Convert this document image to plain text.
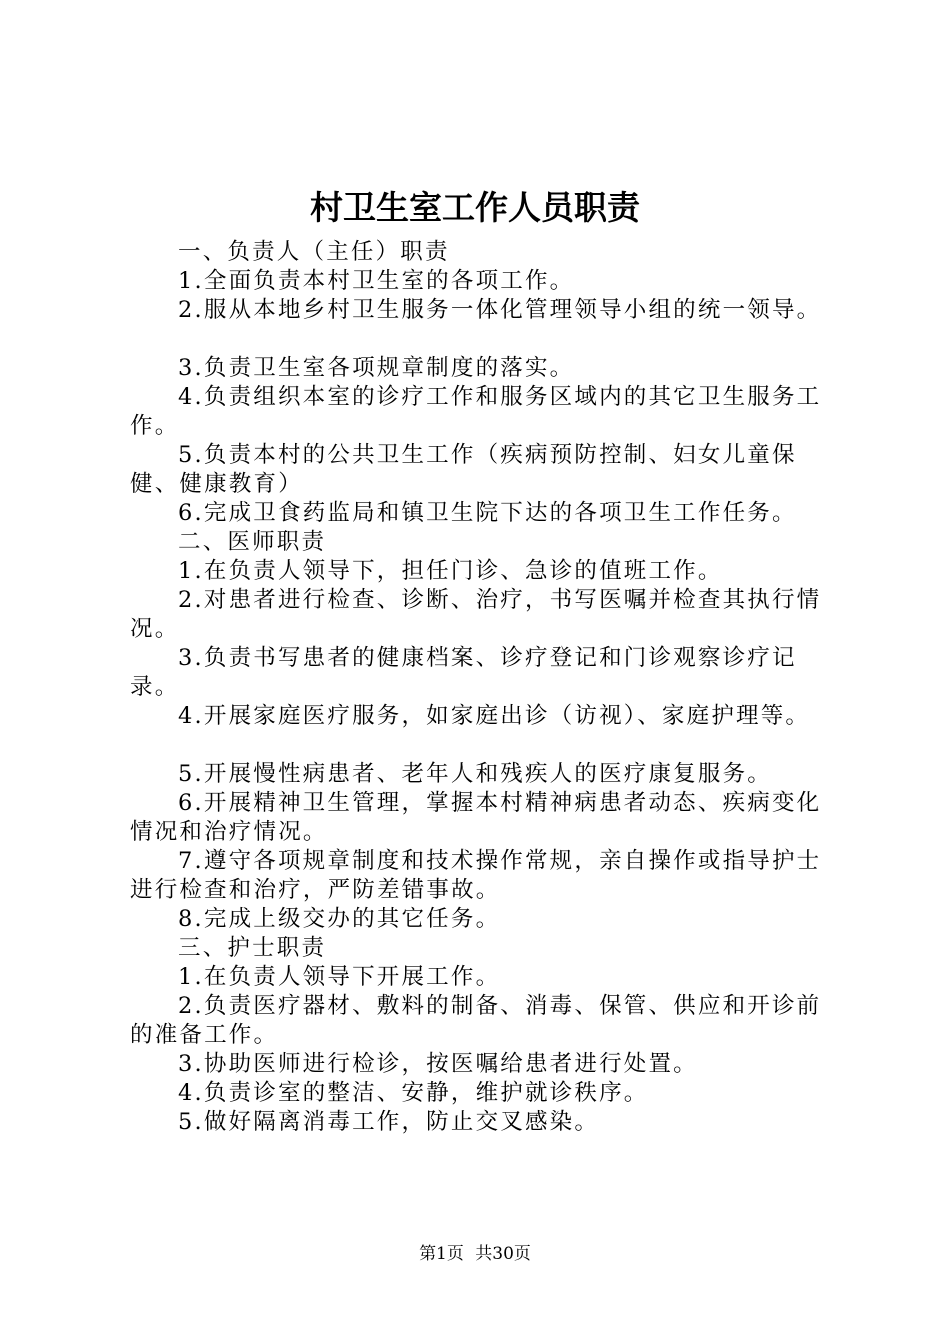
村卫生室工作人员职责

一、负责人（主任）职责

1.全面负责本村卫生室的各项工作。

2.服从本地乡村卫生服务一体化管理领导小组的统一领导。

3.负责卫生室各项规章制度的落实。

4.负责组织本室的诊疗工作和服务区域内的其它卫生服务工作。

5.负责本村的公共卫生工作（疾病预防控制、妇女儿童保健、健康教育）

6.完成卫食药监局和镇卫生院下达的各项卫生工作任务。

二、医师职责

1.在负责人领导下，担任门诊、急诊的值班工作。

2.对患者进行检查、诊断、治疗，书写医嘱并检查其执行情况。

3.负责书写患者的健康档案、诊疗登记和门诊观察诊疗记录。

4.开展家庭医疗服务，如家庭出诊（访视）、家庭护理等。

5.开展慢性病患者、老年人和残疾人的医疗康复服务。

6.开展精神卫生管理，掌握本村精神病患者动态、疾病变化情况和治疗情况。

7.遵守各项规章制度和技术操作常规，亲自操作或指导护士进行检查和治疗，严防差错事故。

8.完成上级交办的其它任务。

三、护士职责

1.在负责人领导下开展工作。

2.负责医疗器材、敷料的制备、消毒、保管、供应和开诊前的准备工作。

3.协助医师进行检诊，按医嘱给患者进行处置。

4.负责诊室的整洁、安静，维护就诊秩序。

5.做好隔离消毒工作，防止交叉感染。

第1页 共30页
